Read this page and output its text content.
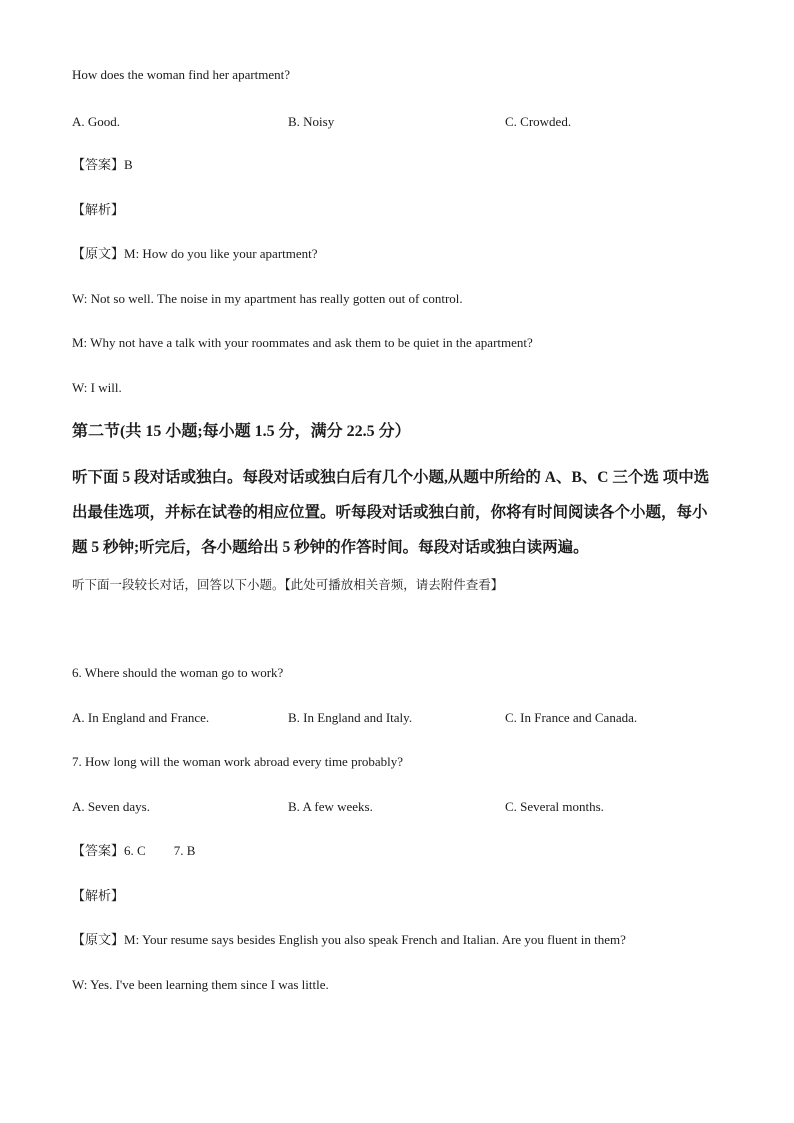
How does the woman find her apartment?
A. Good.	B. Noisy	C. Crowded.
【答案】B
【解析】
【原文】M: How do you like your apartment?
W: Not so well. The noise in my apartment has really gotten out of control.
M: Why not have a talk with your roommates and ask them to be quiet in the apartment?
W: I will.
第二节(共 15 小题;每小题 1.5 分，满分 22.5 分）
听下面 5 段对话或独白。每段对话或独白后有几个小题,从题中所给的 A、B、C 三个选 项中选出最佳选项，并标在试卷的相应位置。听每段对话或独白前，你将有时间阅读各个小题，每小题 5 秒钟;听完后，各小题给出 5 秒钟的作答时间。每段对话或独白读两遍。
听下面一段较长对话，回答以下小题。【此处可播放相关音频，请去附件查看】
6. Where should the woman go to work?
A. In England and France.	B. In England and Italy.	C. In France and Canada.
7. How long will the woman work abroad every time probably?
A. Seven days.	B. A few weeks.	C. Several months.
【答案】6. C 7. B
【解析】
【原文】M: Your resume says besides English you also speak French and Italian. Are you fluent in them?
W: Yes. I've been learning them since I was little.
